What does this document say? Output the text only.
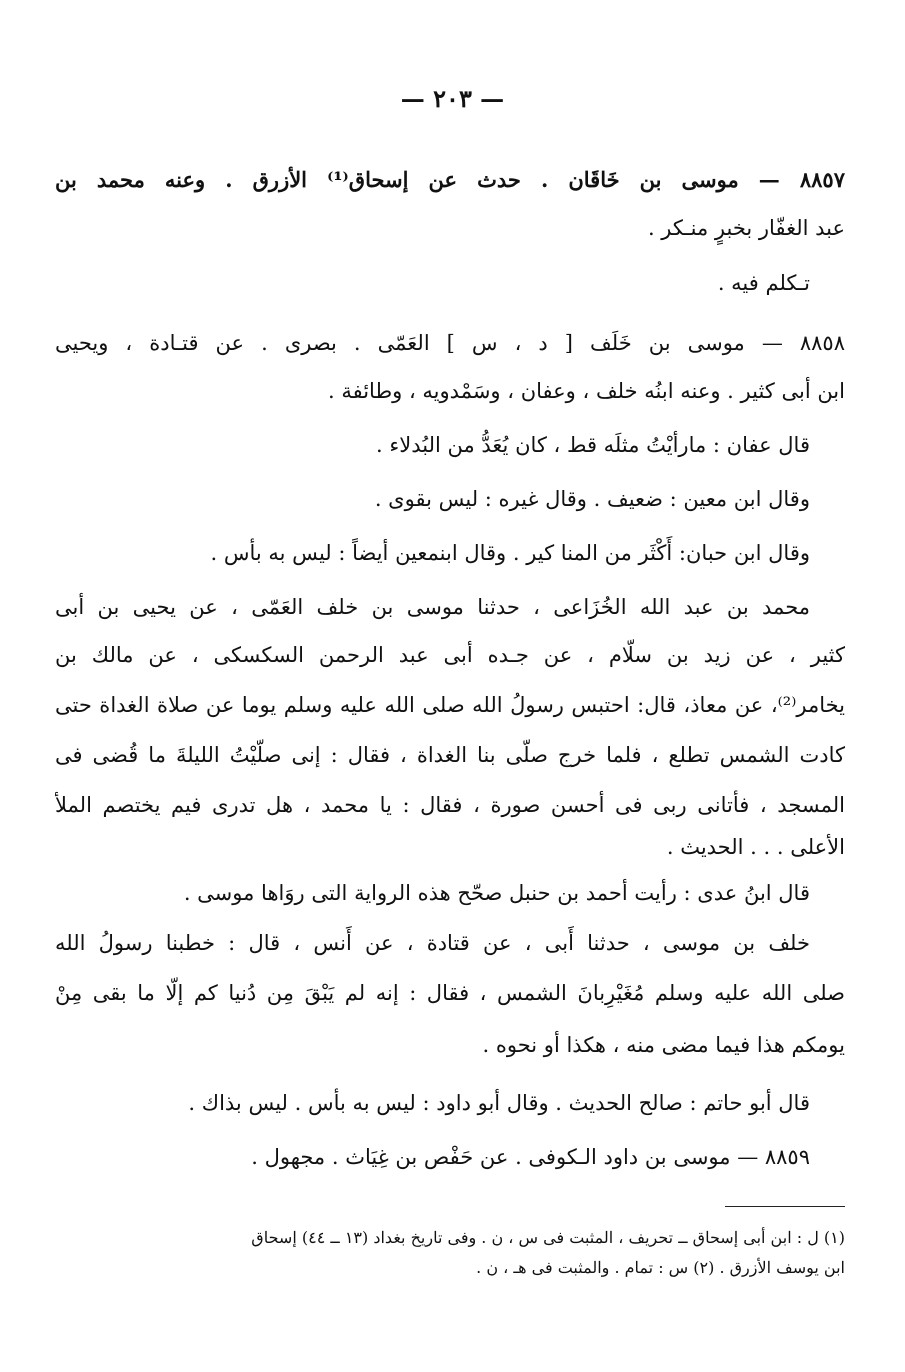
— ٢٠٣ —
٨٨٥٧ — موسى بن خَاقَان . حدث عن إسحاق⁽¹⁾ الأزرق . وعنه محمد بن
عبد الغفّار بخبرٍ منـكر .
تـكلم فيه .
٨٨٥٨ — موسى بن خَلَف [ د ، س ] العَمّى . بصرى . عن قتـادة ، ويحيى
ابن أبى كثير . وعنه ابنُه خلف ، وعفان ، وسَمْدويه ، وطائفة .
قال عفان : مارأيْتُ مثلَه قط ، كان يُعَدُّ من البُدلاء .
وقال ابن معين : ضعيف . وقال غيره : ليس بقوى .
وقال ابن حبان: أَكْثَر من المنا كير . وقال ابنمعين أيضاً : ليس به بأس .
محمد بن عبد الله الخُزَاعى ، حدثنا موسى بن خلف العَمّى ، عن يحيى بن أبى
كثير ، عن زيد بن سلّام ، عن جـده أبى عبد الرحمن السكسكى ، عن مالك بن
يخامر⁽²⁾، عن معاذ، قال: احتبس رسولُ الله صلى الله عليه وسلم يوما عن صلاة الغداة حتى
كادت الشمس تطلع ، فلما خرج صلّى بنا الغداة ، فقال : إنى صلّيْتُ الليلةَ ما قُضى فى
المسجد ، فأتانى ربى فى أحسن صورة ، فقال : يا محمد ، هل تدرى فيم يختصم الملأ
الأعلى . . . الحديث .
قال ابنُ عدى : رأيت أحمد بن حنبل صحّح هذه الرواية التى روَاها موسى .
خلف بن موسى ، حدثنا أَبى ، عن قتادة ، عن أَنس ، قال : خطبنا رسولُ الله
صلى الله عليه وسلم مُغَيْرِبانَ الشمس ، فقال : إنه لم يَبْقَ مِن دُنيا كم إلّا ما بقى مِنْ
يومكم هذا فيما مضى منه ، هكذا أو نحوه .
قال أبو حاتم : صالح الحديث . وقال أبو داود : ليس به بأس . ليس بذاك .
٨٨٥٩ — موسى بن داود الـكوفى . عن حَفْص بن غِيَاث . مجهول .
(١) ل : ابن أبى إسحاق ــ تحريف ، المثبت فى س ، ن . وفى تاريخ بغداد (١٣ ــ ٤٤) إسحاق
ابن يوسف الأزرق . (٢) س : تمام . والمثبت فى هـ ، ن .
